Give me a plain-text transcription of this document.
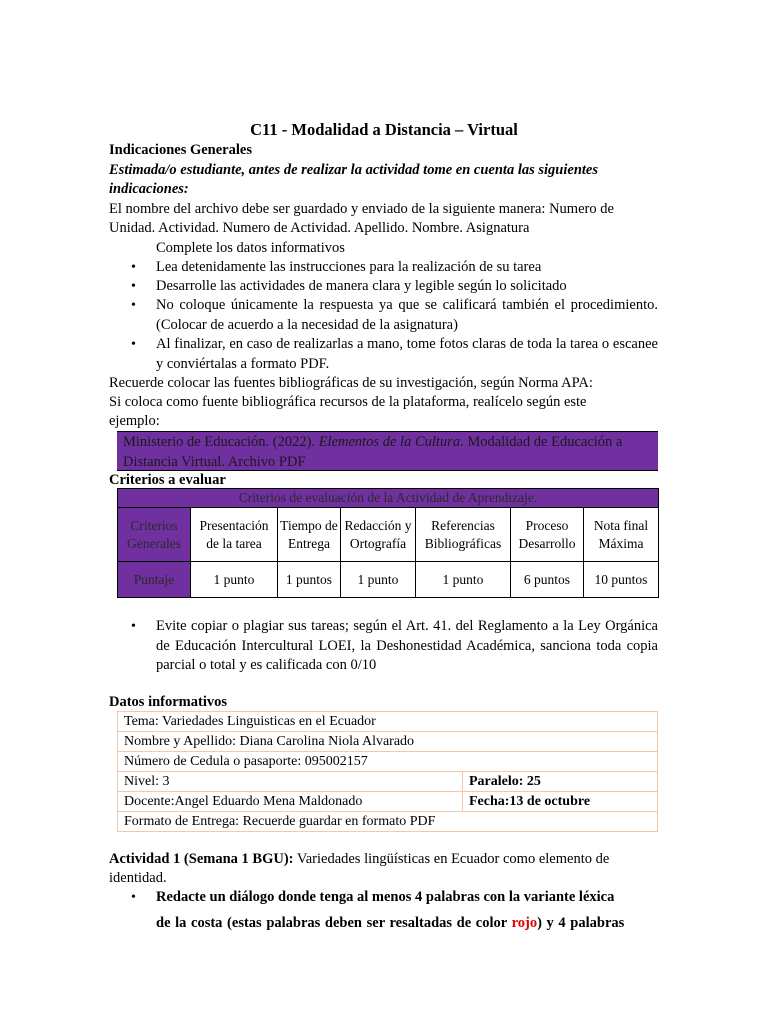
C11 - Modalidad a Distancia – Virtual
Indicaciones Generales
Estimada/o estudiante, antes de realizar la actividad tome en cuenta las siguientes
indicaciones:
El nombre del archivo debe ser guardado y enviado de la siguiente manera: Numero de
Unidad. Actividad. Numero de Actividad. Apellido. Nombre. Asignatura
Complete los datos informativos
• Lea detenidamente las instrucciones para la realización de su tarea
• Desarrolle las actividades de manera clara y legible según lo solicitado
• No coloque únicamente la respuesta ya que se calificará también el procedimiento. (Colocar de acuerdo a la necesidad de la asignatura)
• Al finalizar, en caso de realizarlas a mano, tome fotos claras de toda la tarea o escanee y conviértalas a formato PDF.
Recuerde colocar las fuentes bibliográficas de su investigación, según Norma APA:
Si coloca como fuente bibliográfica recursos de la plataforma, realícelo según este
ejemplo:
Ministerio de Educación. (2022). Elementos de la Cultura. Modalidad de Educación a Distancia Virtual. Archivo PDF
Criterios a evaluar
Criterios de evaluación de la Actividad de Aprendizaje.						
Criterios Generales	Presentación de la tarea	Tiempo de Entrega	Redacción y Ortografía	Referencias Bibliográficas	Proceso Desarrollo	Nota final Máxima
Puntaje	1 punto	1 puntos	1 punto	1 punto	6 puntos	10 puntos
• Evite copiar o plagiar sus tareas; según el Art. 41. del Reglamento a la Ley Orgánica de Educación Intercultural LOEI, la Deshonestidad Académica, sanciona toda copia parcial o total y es calificada con 0/10
Datos informativos
Tema: Variedades Linguisticas en el Ecuador	
Nombre y Apellido: Diana Carolina Niola Alvarado	
Número de Cedula o pasaporte: 095002157	
Nivel: 3	Paralelo: 25
Docente:Angel Eduardo Mena Maldonado	Fecha:13 de octubre
Formato de Entrega: Recuerde guardar en formato PDF	
Actividad 1 (Semana 1 BGU): Variedades lingüísticas en Ecuador como elemento de
identidad.
• Redacte un diálogo donde tenga al menos 4 palabras con la variante léxica
de la costa (estas palabras deben ser resaltadas de color rojo) y 4 palabras
